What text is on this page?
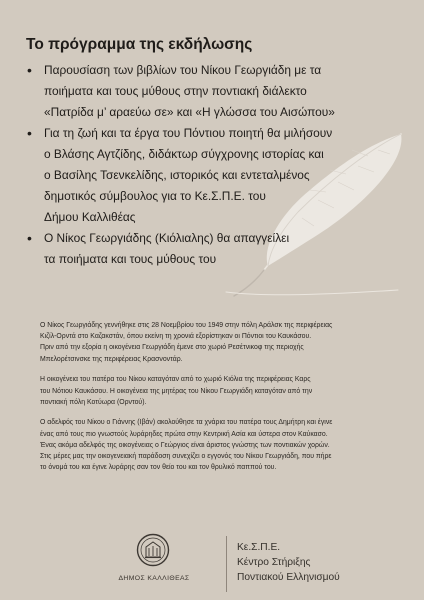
Το πρόγραμμα της εκδήλωσης
• Παρουσίαση των βιβλίων του Νίκου Γεωργιάδη με τα
ποιήματα και τους μύθους στην ποντιακή διάλεκτο
«Πατρίδα μ’ αραεύω σε» και «Η γλώσσα του Αισώπου»
• Για τη ζωή και τα έργα του Πόντιου ποιητή θα μιλήσουν
ο Βλάσης Αγτζίδης, διδάκτωρ σύγχρονης ιστορίας και
ο Βασίλης Τσενκελίδης, ιστορικός και εντεταλμένος
δημοτικός σύμβουλος για το Κε.Σ.Π.Ε. του
Δήμου Καλλιθέας
• Ο Νίκος Γεωργιάδης (Κιόλιαλης) θα απαγγείλει
τα ποιήματα και τους μύθους του

Ο Νίκος Γεωργιάδης γεννήθηκε στις 28 Νοεμβρίου του 1949 στην πόλη Αράλσκ της περιφέρειας
Κιζίλ-Ορντά στο Καζακστάν, όπου εκείνη τη χρονιά εξορίστηκαν οι Πόντιοι του Καυκάσου.
Πριν από την εξορία η οικογένεια Γεωργιάδη έμενε στο χωριό Ρεσέτνικοφ της περιοχής
Μπελορέτσινσκε της περιφέρειας Κρασνοντάρ.

Η οικογένεια του πατέρα του Νίκου καταγόταν από το χωριό Κιόλια της περιφέρειας Καρς
του Νότιου Καυκάσου. Η οικογένεια της μητέρας του Νίκου Γεωργιάδη καταγόταν από την
ποντιακή πόλη Κοτύωρα (Ορντού).

Ο αδελφός του Νίκου ο Γιάννης (Ιβάν) ακολούθησε τα χνάρια του πατέρα τους Δημήτρη και έγινε
ένας από τους πιο γνωστούς λυράρηδες πρώτα στην Κεντρική Ασία και ύστερα στον Καύκασο.
Ένας ακόμα αδελφός της οικογένειας ο Γεώργιος είναι άριστος γνώστης των ποντιακών χορών.
Στις μέρες μας την οικογενειακή παράδοση συνεχίζει ο εγγονός του Νίκου Γεωργιάδη, που πήρε
το όνομά του και έγινε λυράρης σαν τον θείο του και τον θρυλικό παππού του.

ΔΗΜΟΣ ΚΑΛΛΙΘΕΑΣ
Κε.Σ.Π.Ε.
Κέντρο Στήριξης
Ποντιακού Ελληνισμού
